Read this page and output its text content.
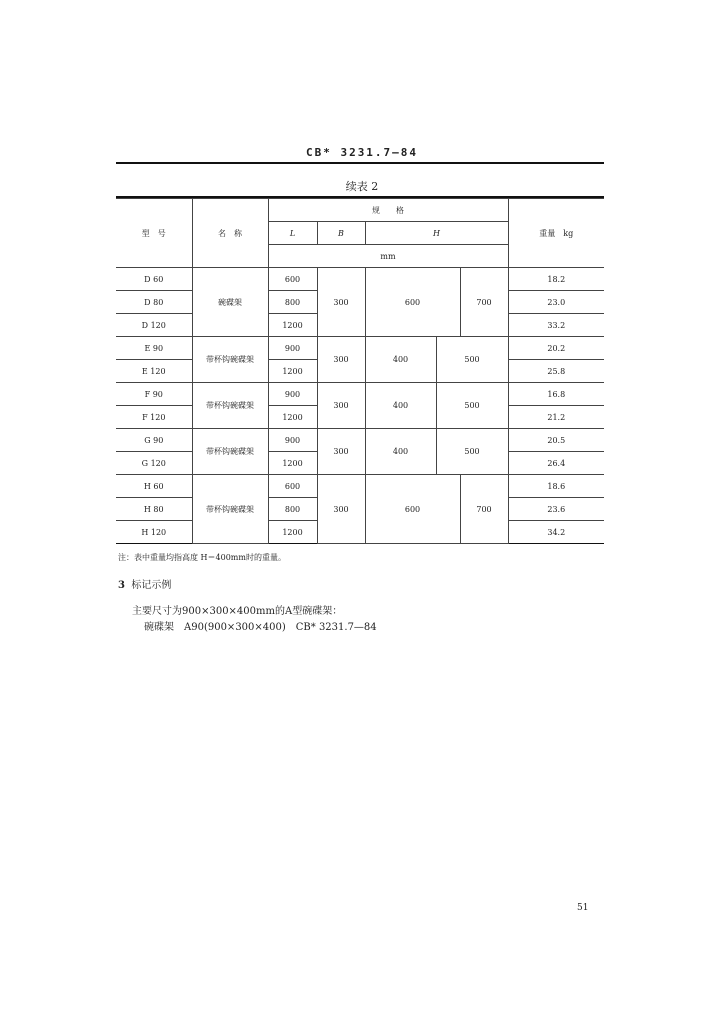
CB* 3231.7—84
续表 2
型　号	名　称	规　　格					重量　kg
		L	B	H			
		mm					
D 60	碗碟架	600	300	600		700	18.2
D 80		800					23.0
D 120		1200					33.2
E 90	带杯钩碗碟架	900	300	400	500		20.2
E 120		1200					25.8
F 90	带杯钩碗碟架	900	300	400	500		16.8
F 120		1200					21.2
G 90	带杯钩碗碟架	900	300	400	500		20.5
G 120		1200					26.4
H 60	带杯钩碗碟架	600	300	600		700	18.6
H 80		800					23.6
H 120		1200					34.2
注：表中重量均指高度 H＝400mm时的重量。
3 标记示例
主要尺寸为900×300×400mm的A型碗碟架：
碗碟架　A90(900×300×400)　CB* 3231.7—84
51
